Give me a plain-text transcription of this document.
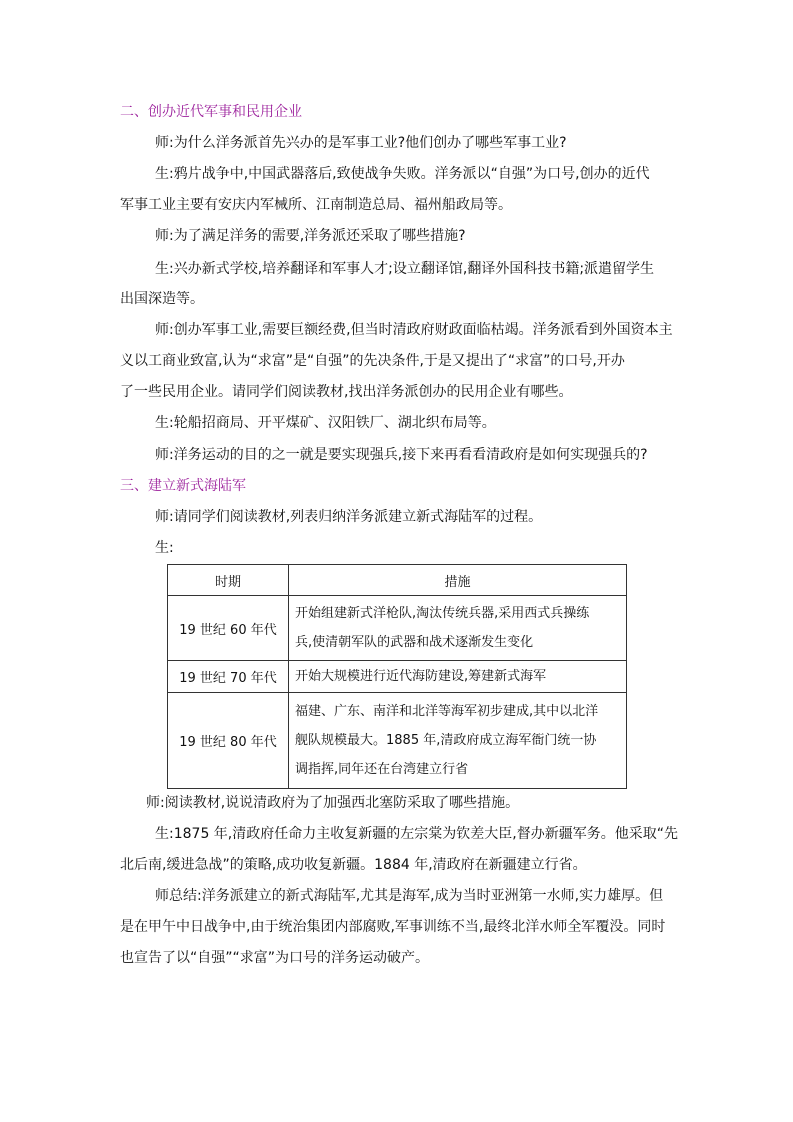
二、创办近代军事和民用企业
师:为什么洋务派首先兴办的是军事工业?他们创办了哪些军事工业?
生:鸦片战争中,中国武器落后,致使战争失败。洋务派以“自强”为口号,创办的近代
军事工业主要有安庆内军械所、江南制造总局、福州船政局等。
师:为了满足洋务的需要,洋务派还采取了哪些措施?
生:兴办新式学校,培养翻译和军事人才;设立翻译馆,翻译外国科技书籍;派遣留学生
出国深造等。
师:创办军事工业,需要巨额经费,但当时清政府财政面临枯竭。洋务派看到外国资本主
义以工商业致富,认为“求富”是“自强”的先决条件,于是又提出了“求富”的口号,开办
了一些民用企业。请同学们阅读教材,找出洋务派创办的民用企业有哪些。
生:轮船招商局、开平煤矿、汉阳铁厂、湖北织布局等。
师:洋务运动的目的之一就是要实现强兵,接下来再看看清政府是如何实现强兵的?
三、建立新式海陆军
师:请同学们阅读教材,列表归纳洋务派建立新式海陆军的过程。
生:
时期	措施
19 世纪 60 年代	开始组建新式洋枪队,淘汰传统兵器,采用西式兵操练
兵,使清朝军队的武器和战术逐渐发生变化

19 世纪 70 年代	开始大规模进行近代海防建设,筹建新式海军

19 世纪 80 年代	福建、广东、南洋和北洋等海军初步建成,其中以北洋
舰队规模最大。1885 年,清政府成立海军衙门统一协
调指挥,同年还在台湾建立行省
师:阅读教材,说说清政府为了加强西北塞防采取了哪些措施。
生:1875 年,清政府任命力主收复新疆的左宗棠为钦差大臣,督办新疆军务。他采取“先
北后南,缓进急战”的策略,成功收复新疆。1884 年,清政府在新疆建立行省。
师总结:洋务派建立的新式海陆军,尤其是海军,成为当时亚洲第一水师,实力雄厚。但
是在甲午中日战争中,由于统治集团内部腐败,军事训练不当,最终北洋水师全军覆没。同时
也宣告了以“自强”“求富”为口号的洋务运动破产。
